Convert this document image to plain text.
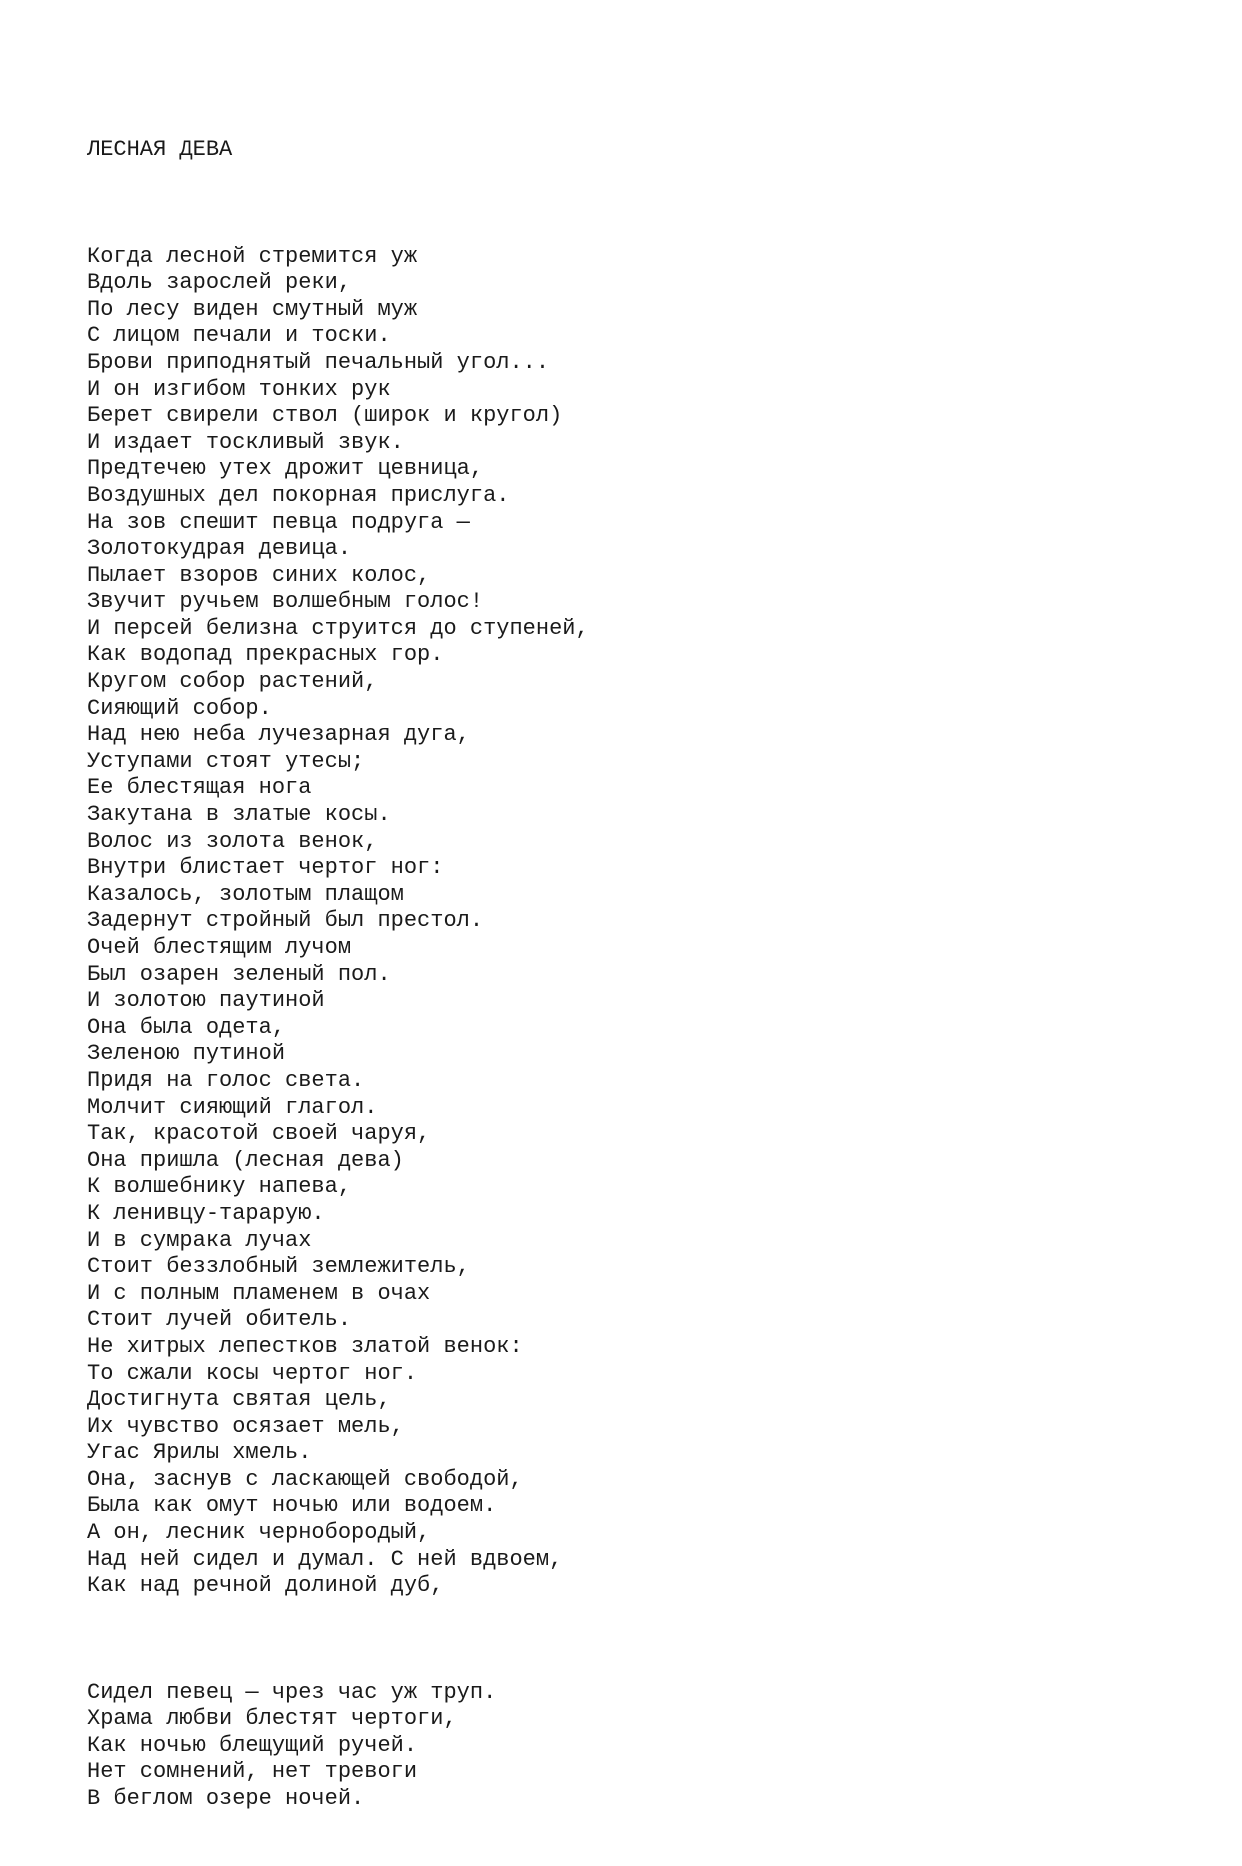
ЛЕСНАЯ ДЕВА

Когда лесной стремится уж
Вдоль зарослей реки,
По лесу виден смутный муж
С лицом печали и тоски.
Брови приподнятый печальный угол...
И он изгибом тонких рук
Берет свирели ствол (широк и кругол)
И издает тоскливый звук.
Предтечею утех дрожит цевница,
Воздушных дел покорная прислуга.
На зов спешит певца подруга —
Золотокудрая девица.
Пылает взоров синих колос,
Звучит ручьем волшебным голос!
И персей белизна струится до ступеней,
Как водопад прекрасных гор.
Кругом собор растений,
Сияющий собор.
Над нею неба лучезарная дуга,
Уступами стоят утесы;
Ее блестящая нога
Закутана в златые косы.
Волос из золота венок,
Внутри блистает чертог ног:
Казалось, золотым плащом
Задернут стройный был престол.
Очей блестящим лучом
Был озарен зеленый пол.
И золотою паутиной
Она была одета,
Зеленою путиной
Придя на голос света.
Молчит сияющий глагол.
Так, красотой своей чаруя,
Она пришла (лесная дева)
К волшебнику напева,
К ленивцу-тарарую.
И в сумрака лучах
Стоит беззлобный землежитель,
И с полным пламенем в очах
Стоит лучей обитель.
Не хитрых лепестков златой венок:
То сжали косы чертог ног.
Достигнута святая цель,
Их чувство осязает мель,
Угас Ярилы хмель.
Она, заснув с ласкающей свободой,
Была как омут ночью или водоем.
А он, лесник чернобородый,
Над ней сидел и думал. С ней вдвоем,
Как над речной долиной дуб,

Сидел певец — чрез час уж труп.
Храма любви блестят чертоги,
Как ночью блещущий ручей.
Нет сомнений, нет тревоги
В беглом озере ночей.
